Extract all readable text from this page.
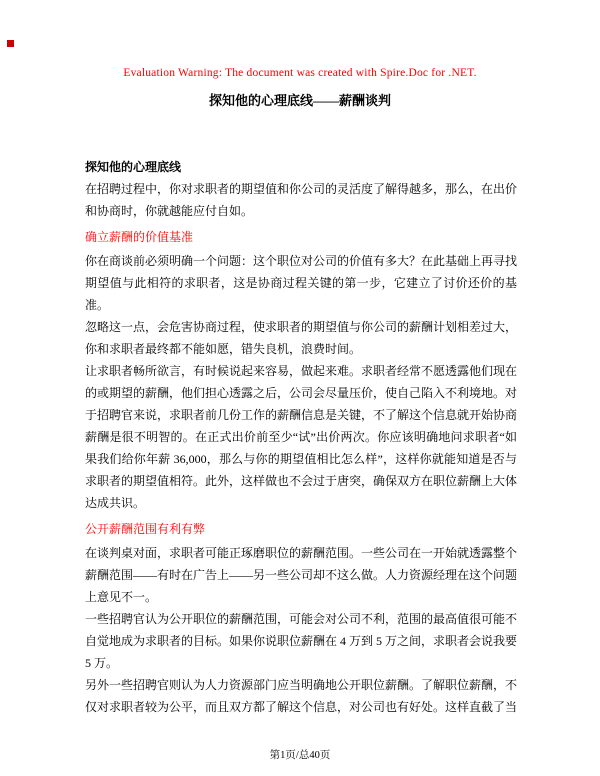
Evaluation Warning: The document was created with Spire.Doc for .NET.
探知他的心理底线——薪酬谈判

探知他的心理底线

在招聘过程中，你对求职者的期望值和你公司的灵活度了解得越多，那么，在出价和协商时，你就越能应付自如。

确立薪酬的价值基准

你在商谈前必须明确一个问题：这个职位对公司的价值有多大？在此基础上再寻找期望值与此相符的求职者，这是协商过程关键的第一步，它建立了讨价还价的基准。

忽略这一点，会危害协商过程，使求职者的期望值与你公司的薪酬计划相差过大，你和求职者最终都不能如愿，错失良机，浪费时间。

让求职者畅所欲言，有时候说起来容易，做起来难。求职者经常不愿透露他们现在的或期望的薪酬，他们担心透露之后，公司会尽量压价，使自己陷入不利境地。对于招聘官来说，求职者前几份工作的薪酬信息是关键，不了解这个信息就开始协商薪酬是很不明智的。在正式出价前至少“试”出价两次。你应该明确地问求职者“如果我们给你年薪 36,000，那么与你的期望值相比怎么样”，这样你就能知道是否与求职者的期望值相符。此外，这样做也不会过于唐突，确保双方在职位薪酬上大体达成共识。

公开薪酬范围有利有弊

在谈判桌对面，求职者可能正琢磨职位的薪酬范围。一些公司在一开始就透露整个薪酬范围——有时在广告上——另一些公司却不这么做。人力资源经理在这个问题上意见不一。

一些招聘官认为公开职位的薪酬范围，可能会对公司不利，范围的最高值很可能不自觉地成为求职者的目标。如果你说职位薪酬在 4 万到 5 万之间，求职者会说我要 5 万。

另外一些招聘官则认为人力资源部门应当明确地公开职位薪酬。了解职位薪酬，不仅对求职者较为公平，而且双方都了解这个信息，对公司也有好处。这样直截了当

第1页/总40页
